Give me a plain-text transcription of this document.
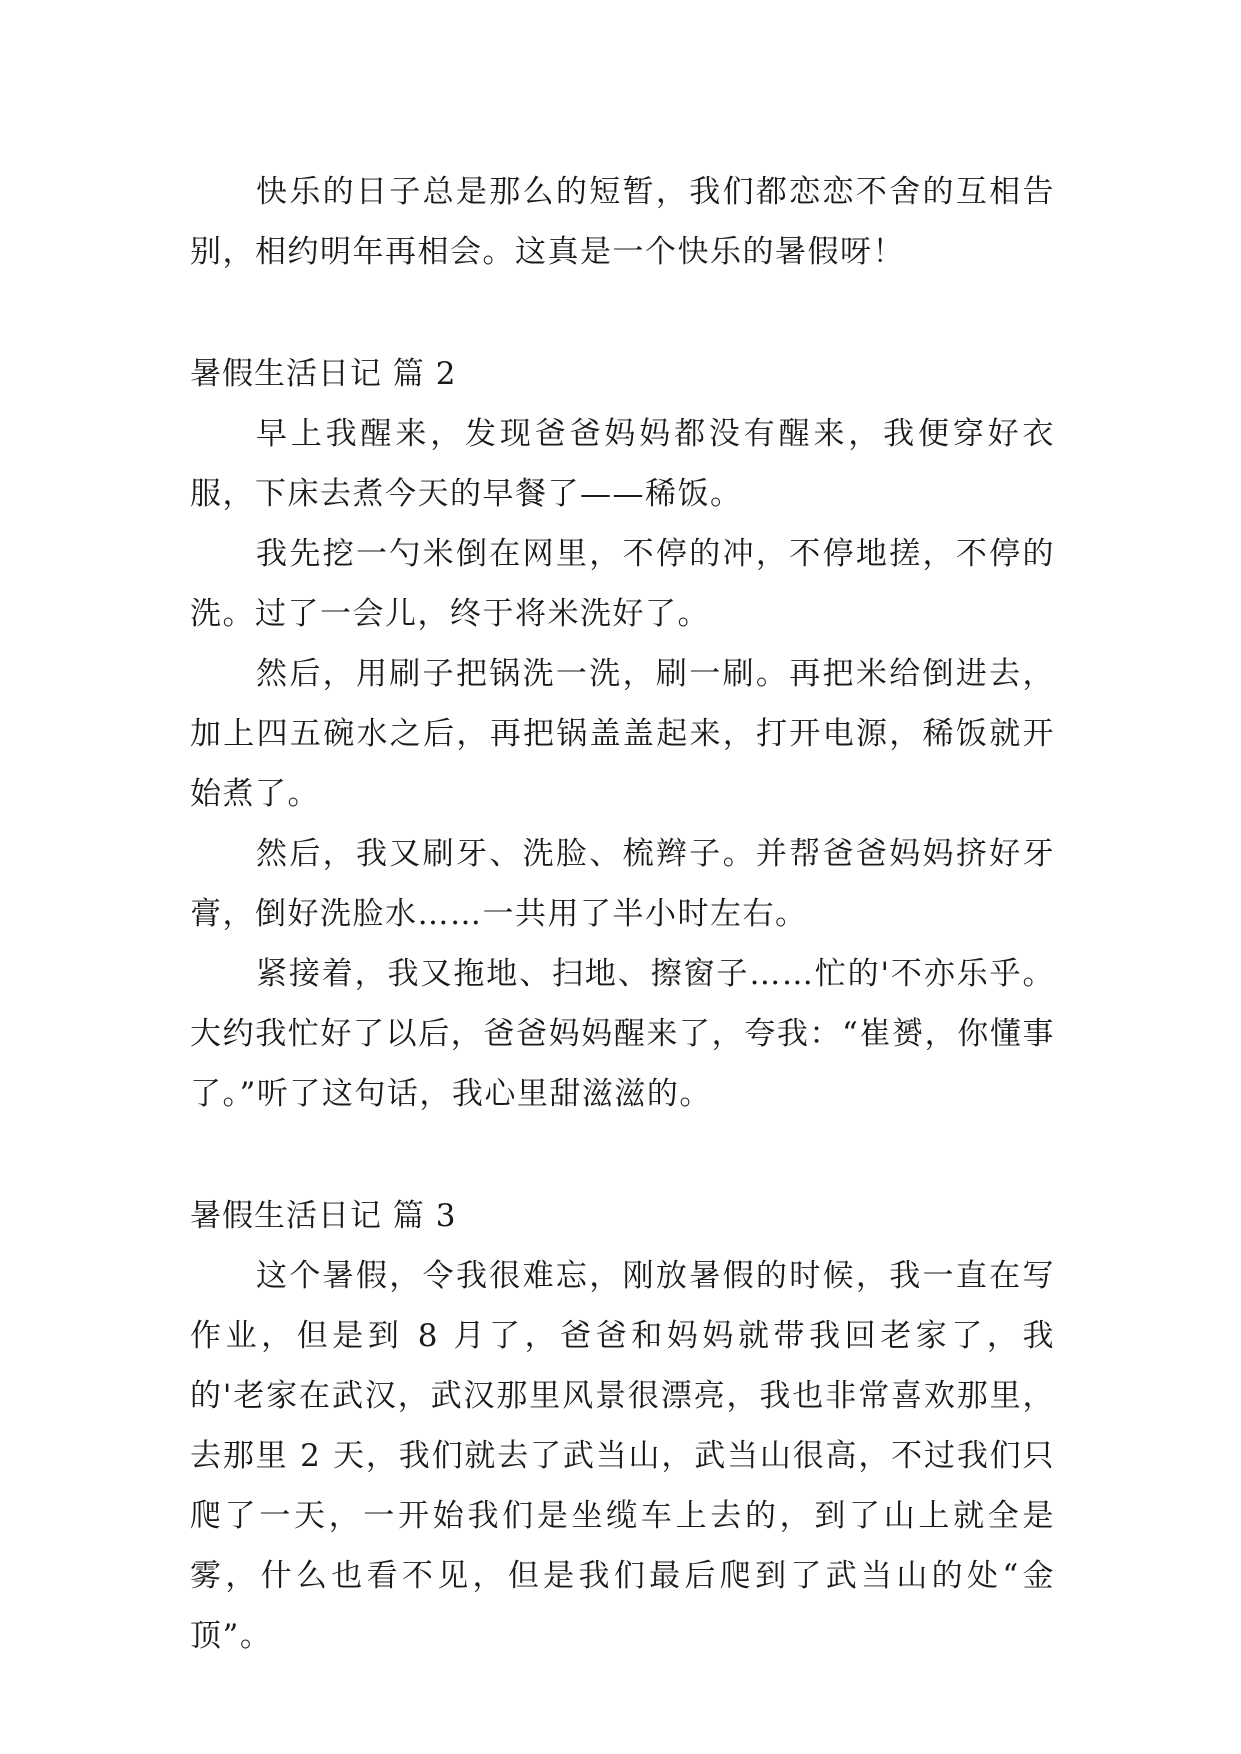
快乐的日子总是那么的短暂，我们都恋恋不舍的互相告别，相约明年再相会。这真是一个快乐的暑假呀！

暑假生活日记 篇 2

早上我醒来，发现爸爸妈妈都没有醒来，我便穿好衣服，下床去煮今天的早餐了——稀饭。

我先挖一勺米倒在网里，不停的冲，不停地搓，不停的洗。过了一会儿，终于将米洗好了。

然后，用刷子把锅洗一洗，刷一刷。再把米给倒进去，加上四五碗水之后，再把锅盖盖起来，打开电源，稀饭就开始煮了。

然后，我又刷牙、洗脸、梳辫子。并帮爸爸妈妈挤好牙膏，倒好洗脸水……一共用了半小时左右。

紧接着，我又拖地、扫地、擦窗子……忙的'不亦乐乎。大约我忙好了以后，爸爸妈妈醒来了，夸我：“崔赟，你懂事了。”听了这句话，我心里甜滋滋的。

暑假生活日记 篇 3

这个暑假，令我很难忘，刚放暑假的时候，我一直在写作业，但是到 8 月了，爸爸和妈妈就带我回老家了，我的'老家在武汉，武汉那里风景很漂亮，我也非常喜欢那里，去那里 2 天，我们就去了武当山，武当山很高，不过我们只爬了一天，一开始我们是坐缆车上去的，到了山上就全是雾，什么也看不见，但是我们最后爬到了武当山的处“金顶”。
